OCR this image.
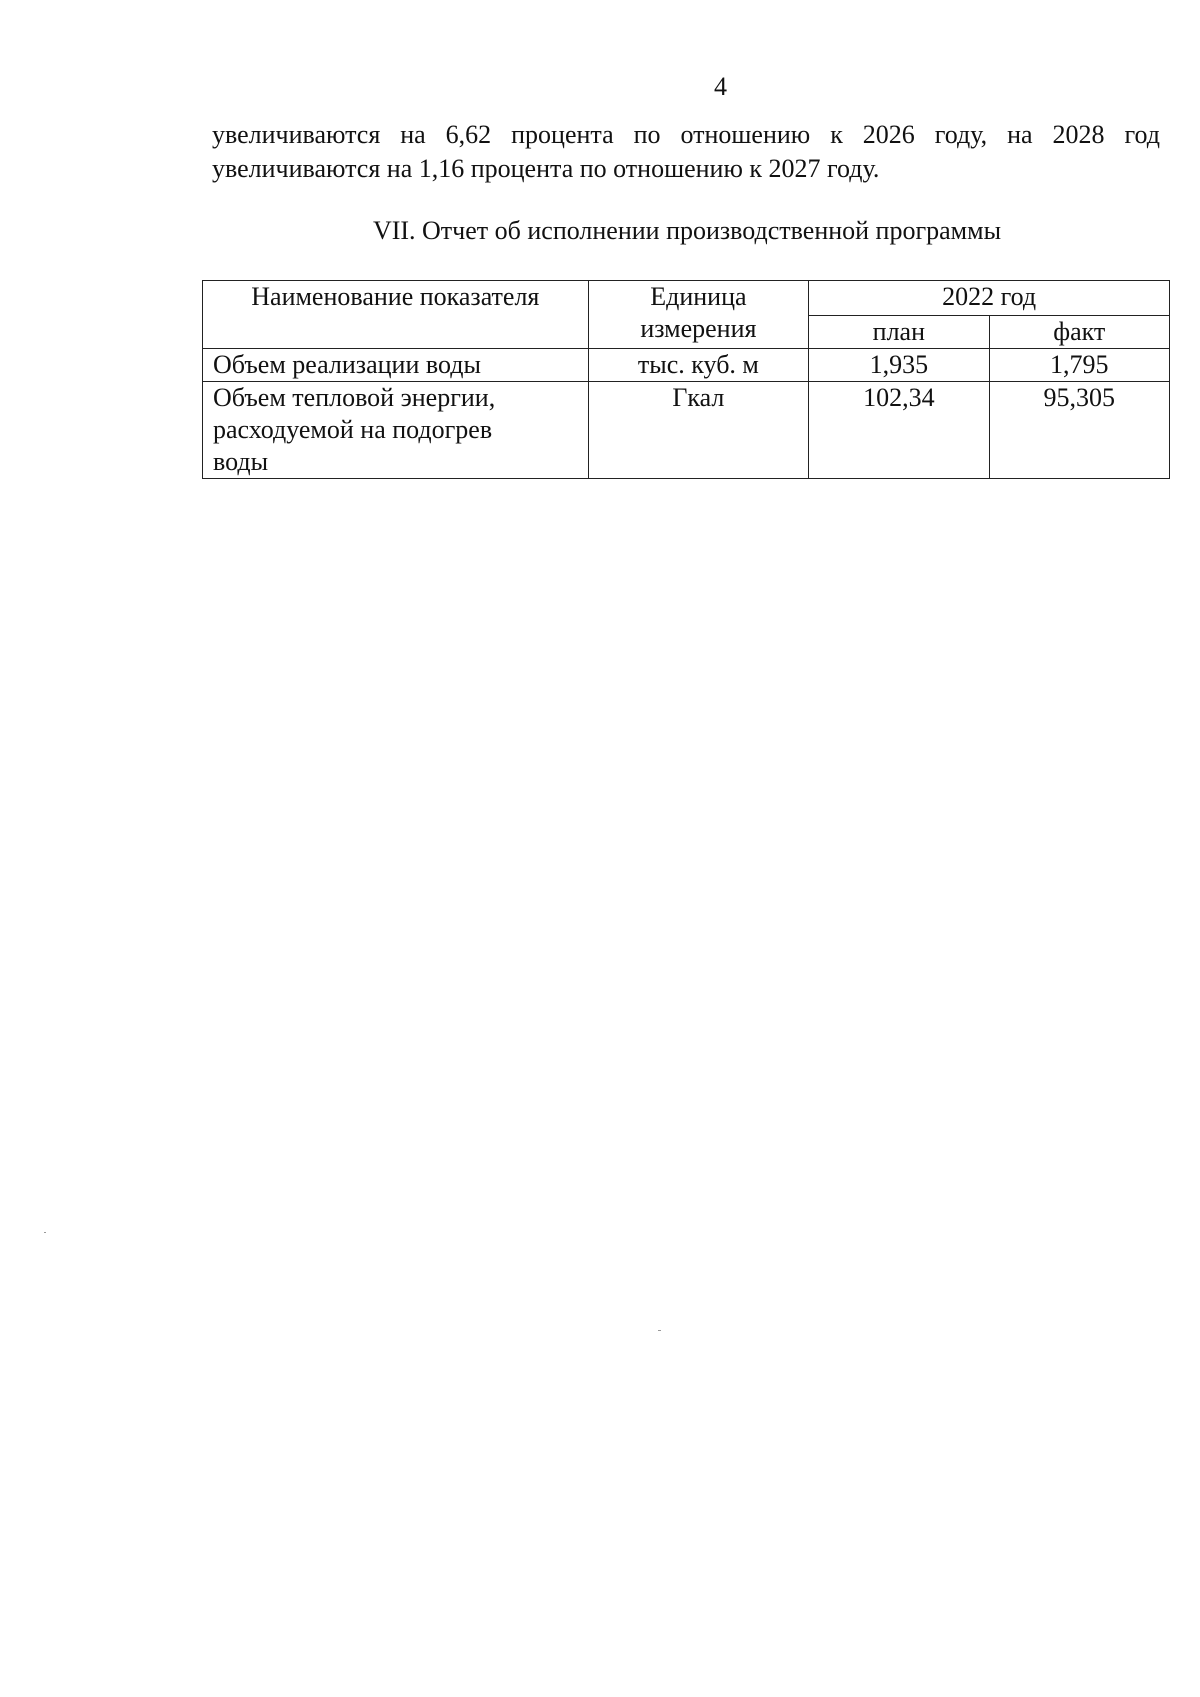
4
увеличиваются на 6,62 процента по отношению к 2026 году, на 2028 год
увеличиваются на 1,16 процента по отношению к 2027 году.
VII. Отчет об исполнении производственной программы
Наименование показателя	Единица
измерения	2022 год	
		план	факт
Объем реализации воды	тыс. куб. м	1,935	1,795

Объем тепловой энергии,
расходуемой на подогрев
воды	Гкал	102,34	95,305
